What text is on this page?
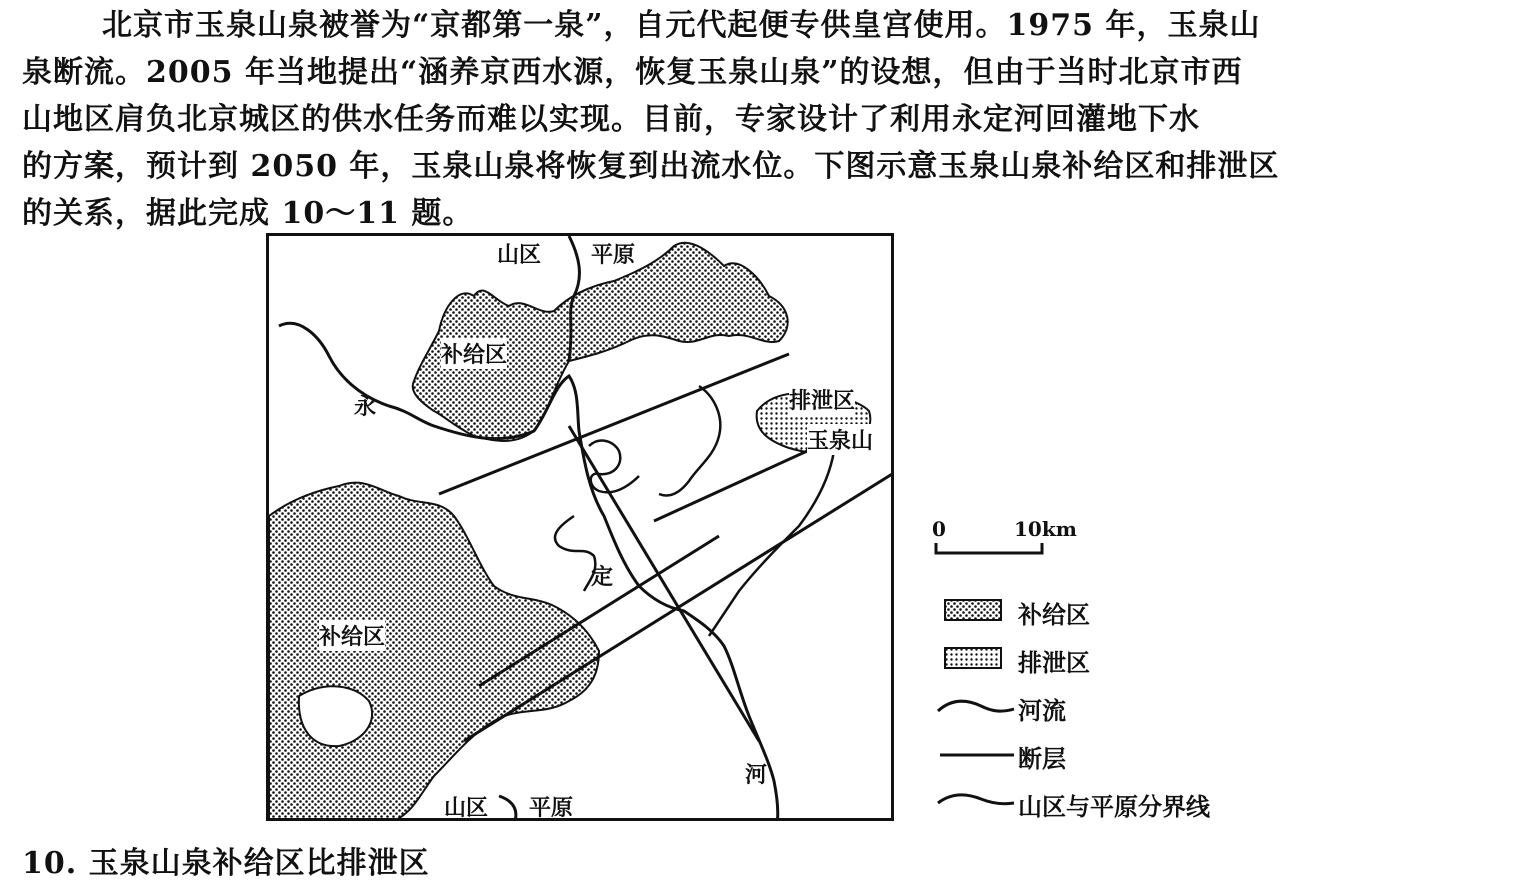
北京市玉泉山泉被誉为“京都第一泉”，自元代起便专供皇宫使用。1975 年，玉泉山
泉断流。2005 年当地提出“涵养京西水源，恢复玉泉山泉”的设想，但由于当时北京市西
山地区肩负北京城区的供水任务而难以实现。目前，专家设计了利用永定河回灌地下水
的方案，预计到 2050 年，玉泉山泉将恢复到出流水位。下图示意玉泉山泉补给区和排泄区
的关系，据此完成 10～11 题。
山区 平原
补给区
永	排泄区
玉泉山
定
补给区
河
山区 平原
0	10km
补给区
排泄区
河流
断层
山区与平原分界线
10. 玉泉山泉补给区比排泄区
